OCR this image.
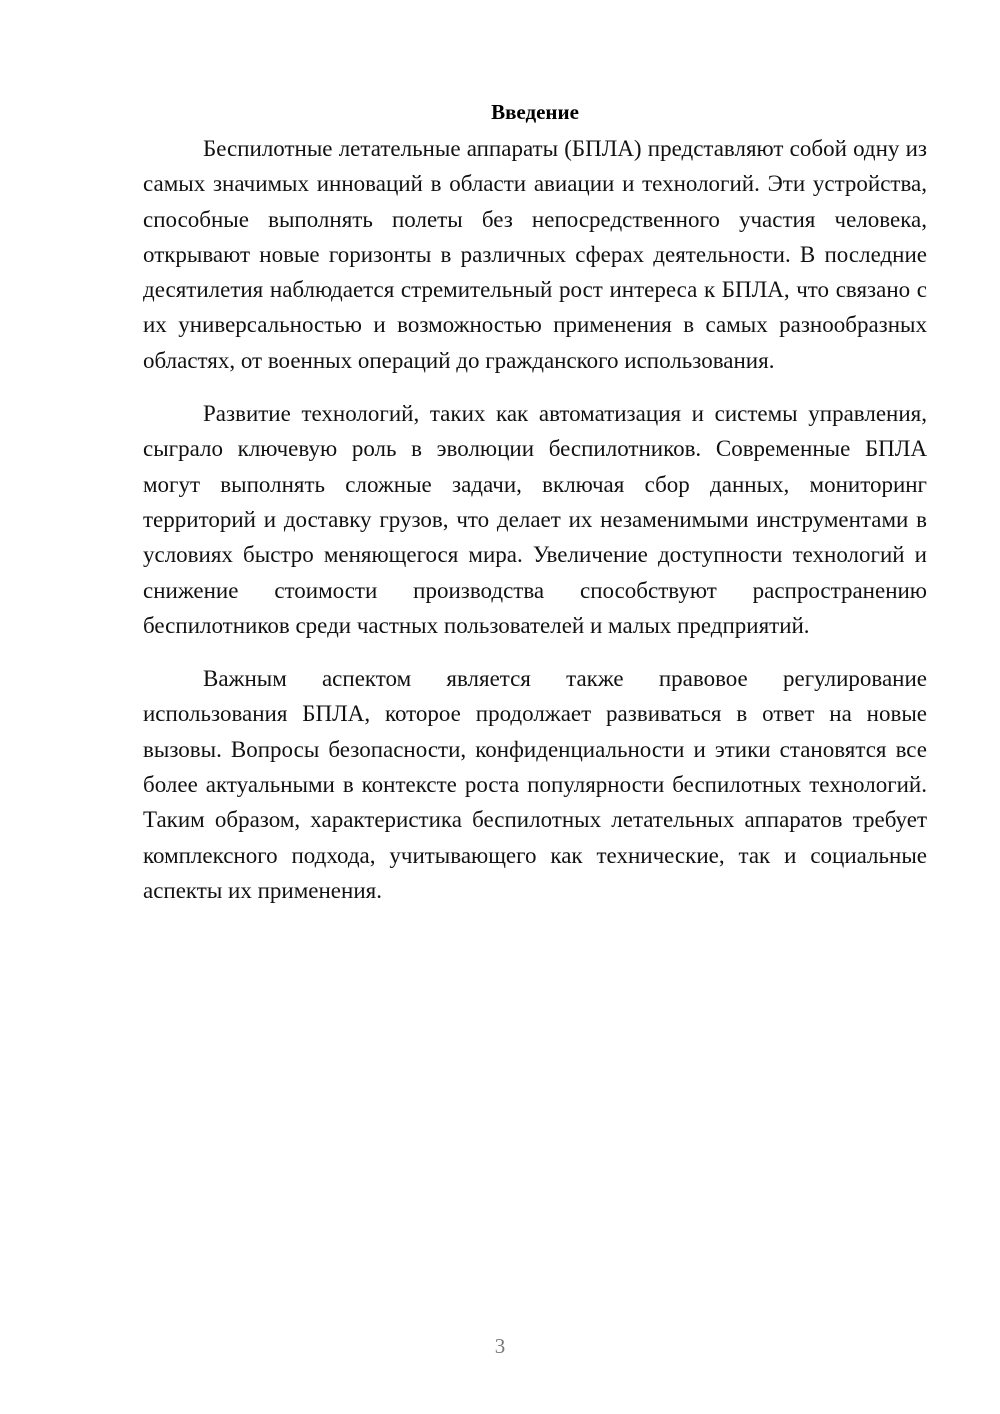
Введение

Беспилотные летательные аппараты (БПЛА) представляют собой одну из самых значимых инноваций в области авиации и технологий. Эти устройства, способные выполнять полеты без непосредственного участия человека, открывают новые горизонты в различных сферах деятельности. В последние десятилетия наблюдается стремительный рост интереса к БПЛА, что связано с их универсальностью и возможностью применения в самых разнообразных областях, от военных операций до гражданского использования.

Развитие технологий, таких как автоматизация и системы управления, сыграло ключевую роль в эволюции беспилотников. Современные БПЛА могут выполнять сложные задачи, включая сбор данных, мониторинг территорий и доставку грузов, что делает их незаменимыми инструментами в условиях быстро меняющегося мира. Увеличение доступности технологий и снижение стоимости производства способствуют распространению беспилотников среди частных пользователей и малых предприятий.

Важным аспектом является также правовое регулирование использования БПЛА, которое продолжает развиваться в ответ на новые вызовы. Вопросы безопасности, конфиденциальности и этики становятся все более актуальными в контексте роста популярности беспилотных технологий. Таким образом, характеристика беспилотных летательных аппаратов требует комплексного подхода, учитывающего как технические, так и социальные аспекты их применения.

3
